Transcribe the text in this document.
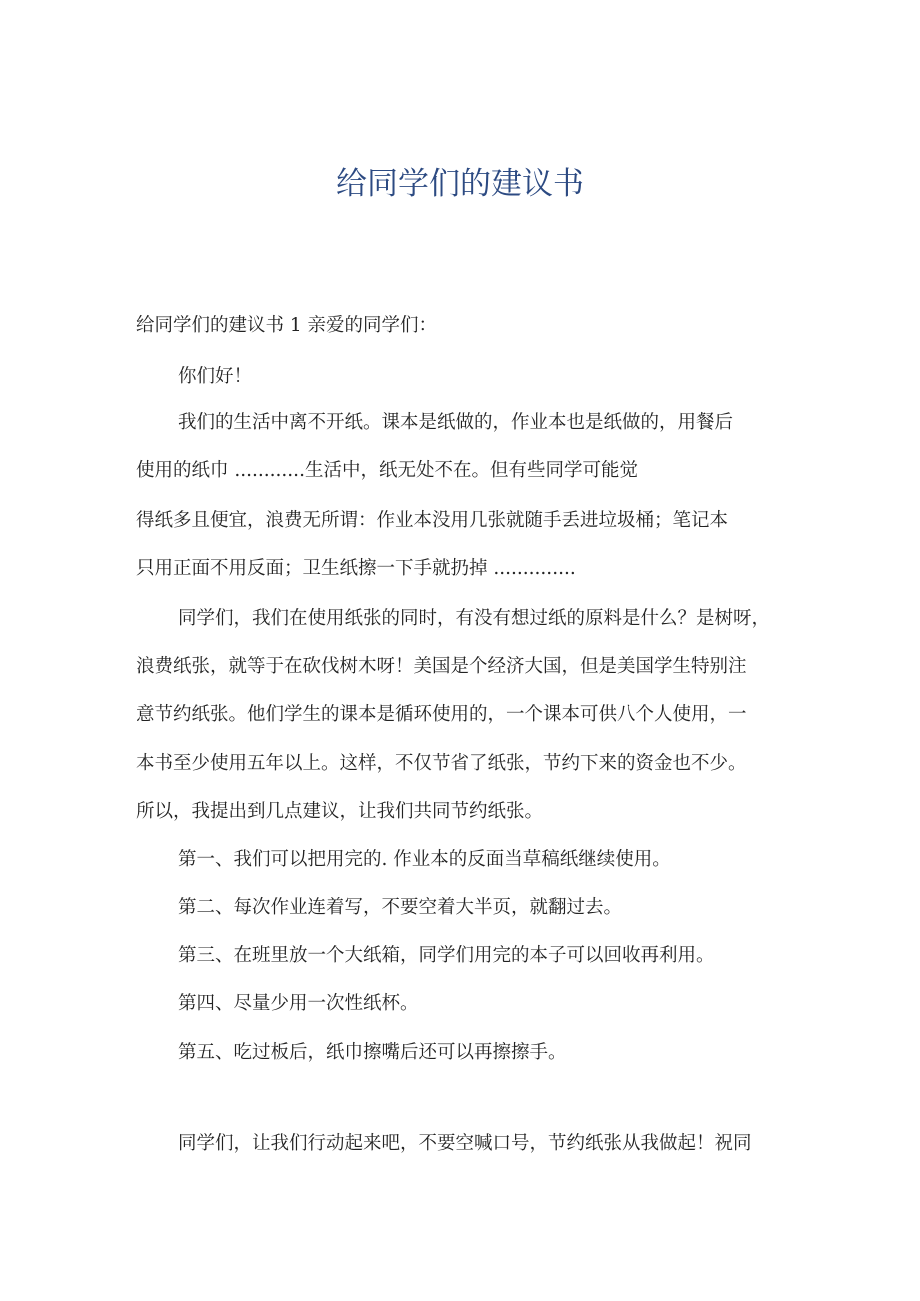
给同学们的建议书

给同学们的建议书 1 亲爱的同学们：

你们好！

我们的生活中离不开纸。课本是纸做的，作业本也是纸做的，用餐后

使用的纸巾 ............生活中，纸无处不在。但有些同学可能觉

得纸多且便宜，浪费无所谓：作业本没用几张就随手丢进垃圾桶；笔记本

只用正面不用反面；卫生纸擦一下手就扔掉 ..............

同学们，我们在使用纸张的同时，有没有想过纸的原料是什么？是树呀，

浪费纸张，就等于在砍伐树木呀！美国是个经济大国，但是美国学生特别注

意节约纸张。他们学生的课本是循环使用的，一个课本可供八个人使用，一

本书至少使用五年以上。这样，不仅节省了纸张，节约下来的资金也不少。

所以，我提出到几点建议，让我们共同节约纸张。

第一、我们可以把用完的. 作业本的反面当草稿纸继续使用。

第二、每次作业连着写，不要空着大半页，就翻过去。

第三、在班里放一个大纸箱，同学们用完的本子可以回收再利用。

第四、尽量少用一次性纸杯。

第五、吃过板后，纸巾擦嘴后还可以再擦擦手。

同学们，让我们行动起来吧，不要空喊口号，节约纸张从我做起！祝同
